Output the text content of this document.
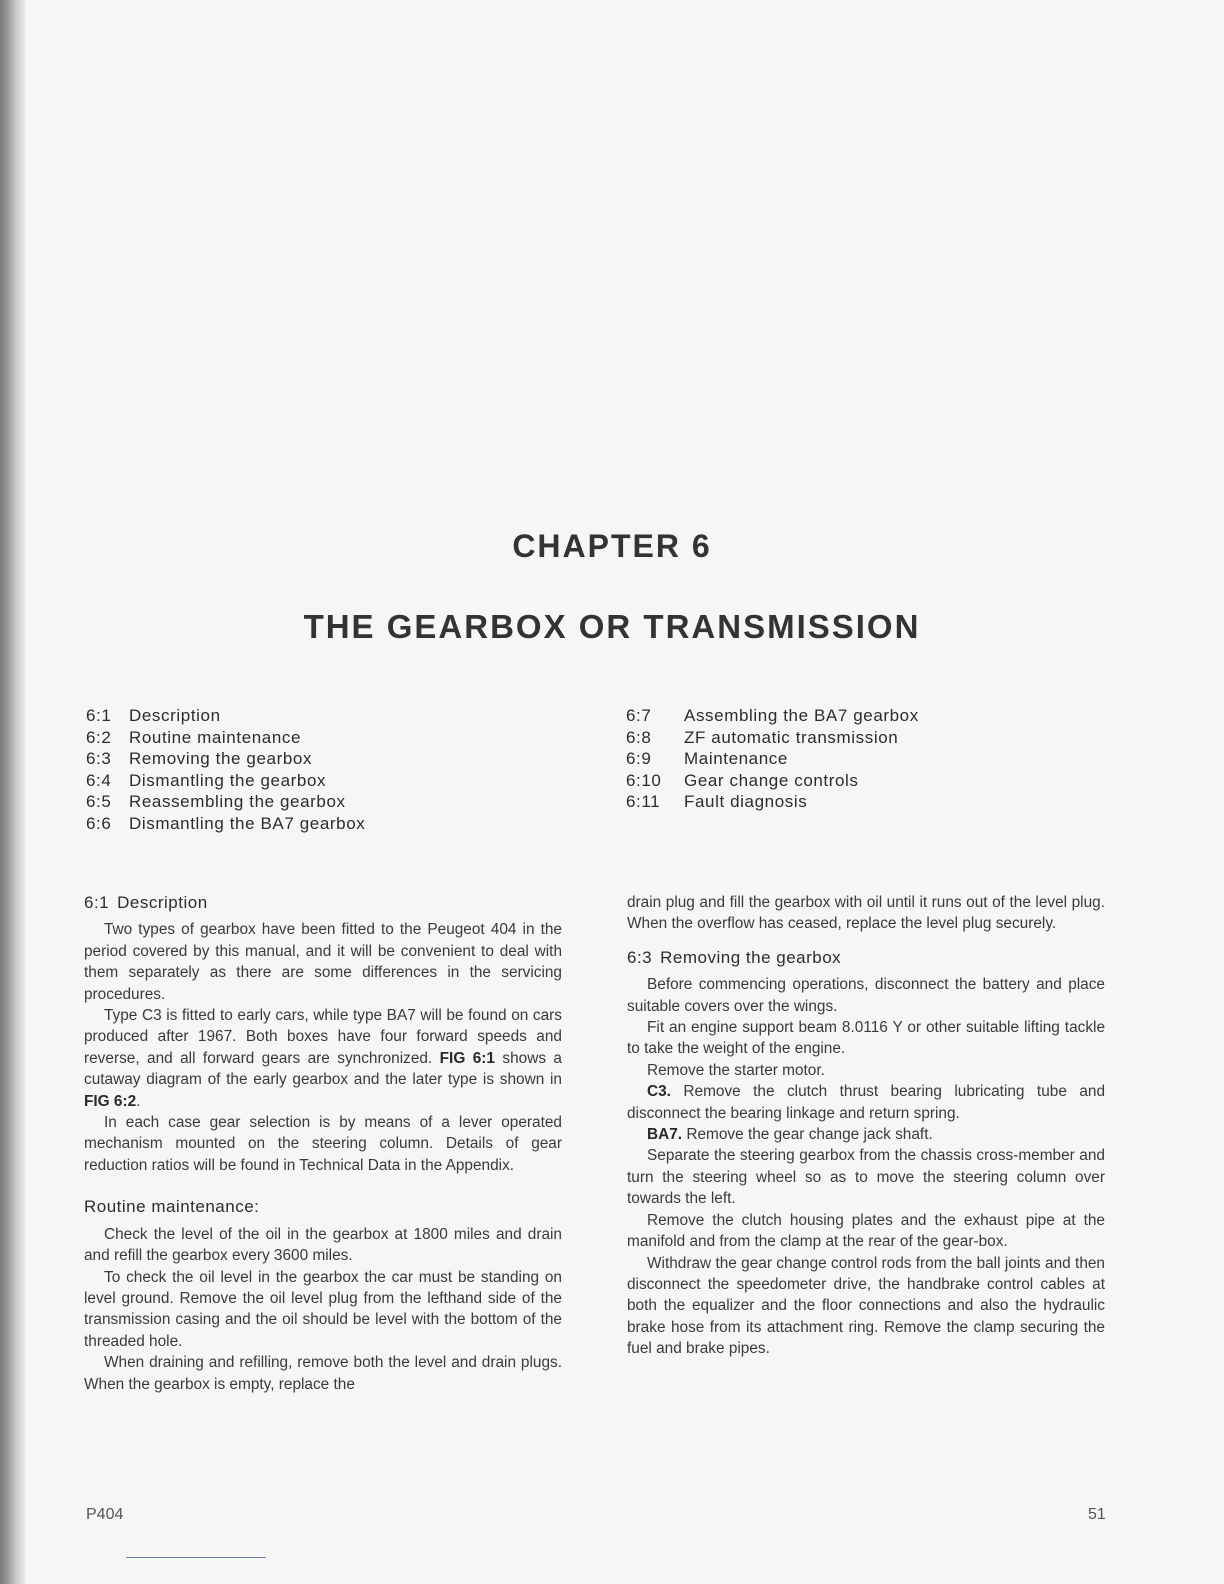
CHAPTER 6
THE GEARBOX OR TRANSMISSION
6:1 Description
6:2 Routine maintenance
6:3 Removing the gearbox
6:4 Dismantling the gearbox
6:5 Reassembling the gearbox
6:6 Dismantling the BA7 gearbox
6:7 Assembling the BA7 gearbox
6:8 ZF automatic transmission
6:9 Maintenance
6:10 Gear change controls
6:11 Fault diagnosis
6:1 Description

Two types of gearbox have been fitted to the Peugeot 404 in the period covered by this manual, and it will be convenient to deal with them separately as there are some differences in the servicing procedures.

Type C3 is fitted to early cars, while type BA7 will be found on cars produced after 1967. Both boxes have four forward speeds and reverse, and all forward gears are synchronized. FIG 6:1 shows a cutaway diagram of the early gearbox and the later type is shown in FIG 6:2.

In each case gear selection is by means of a lever operated mechanism mounted on the steering column. Details of gear reduction ratios will be found in Technical Data in the Appendix.

Routine maintenance:

Check the level of the oil in the gearbox at 1800 miles and drain and refill the gearbox every 3600 miles.

To check the oil level in the gearbox the car must be standing on level ground. Remove the oil level plug from the lefthand side of the transmission casing and the oil should be level with the bottom of the threaded hole.

When draining and refilling, remove both the level and drain plugs. When the gearbox is empty, replace the

drain plug and fill the gearbox with oil until it runs out of the level plug. When the overflow has ceased, replace the level plug securely.

6:3 Removing the gearbox

Before commencing operations, disconnect the battery and place suitable covers over the wings.

Fit an engine support beam 8.0116 Y or other suitable lifting tackle to take the weight of the engine.

Remove the starter motor.

C3. Remove the clutch thrust bearing lubricating tube and disconnect the bearing linkage and return spring.

BA7. Remove the gear change jack shaft.

Separate the steering gearbox from the chassis cross-member and turn the steering wheel so as to move the steering column over towards the left.

Remove the clutch housing plates and the exhaust pipe at the manifold and from the clamp at the rear of the gear-box.

Withdraw the gear change control rods from the ball joints and then disconnect the speedometer drive, the handbrake control cables at both the equalizer and the floor connections and also the hydraulic brake hose from its attachment ring. Remove the clamp securing the fuel and brake pipes.

P404	51
